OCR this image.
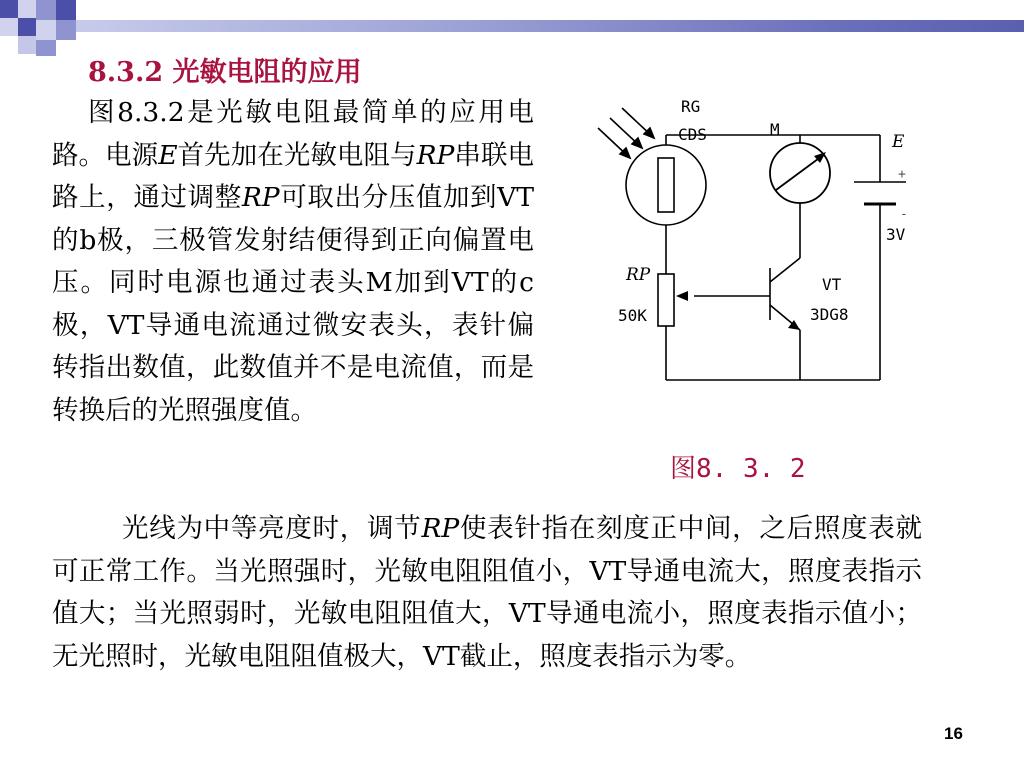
8.3.2 光敏电阻的应用
图8.3.2是光敏电阻最简单的应用电路。电源E首先加在光敏电阻与RP串联电路上，通过调整RP可取出分压值加到VT的b极，三极管发射结便得到正向偏置电压。同时电源也通过表头M加到VT的c极，VT导通电流通过微安表头，表针偏转指出数值，此数值并不是电流值，而是转换后的光照强度值。
RG
CDS	M
E
+
-
3V
RP
50K
VT
3DG8
图8. 3. 2
光线为中等亮度时，调节RP使表针指在刻度正中间，之后照度表就可正常工作。当光照强时，光敏电阻阻值小，VT导通电流大，照度表指示值大；当光照弱时，光敏电阻阻值大，VT导通电流小，照度表指示值小；无光照时，光敏电阻阻值极大，VT截止，照度表指示为零。
16
